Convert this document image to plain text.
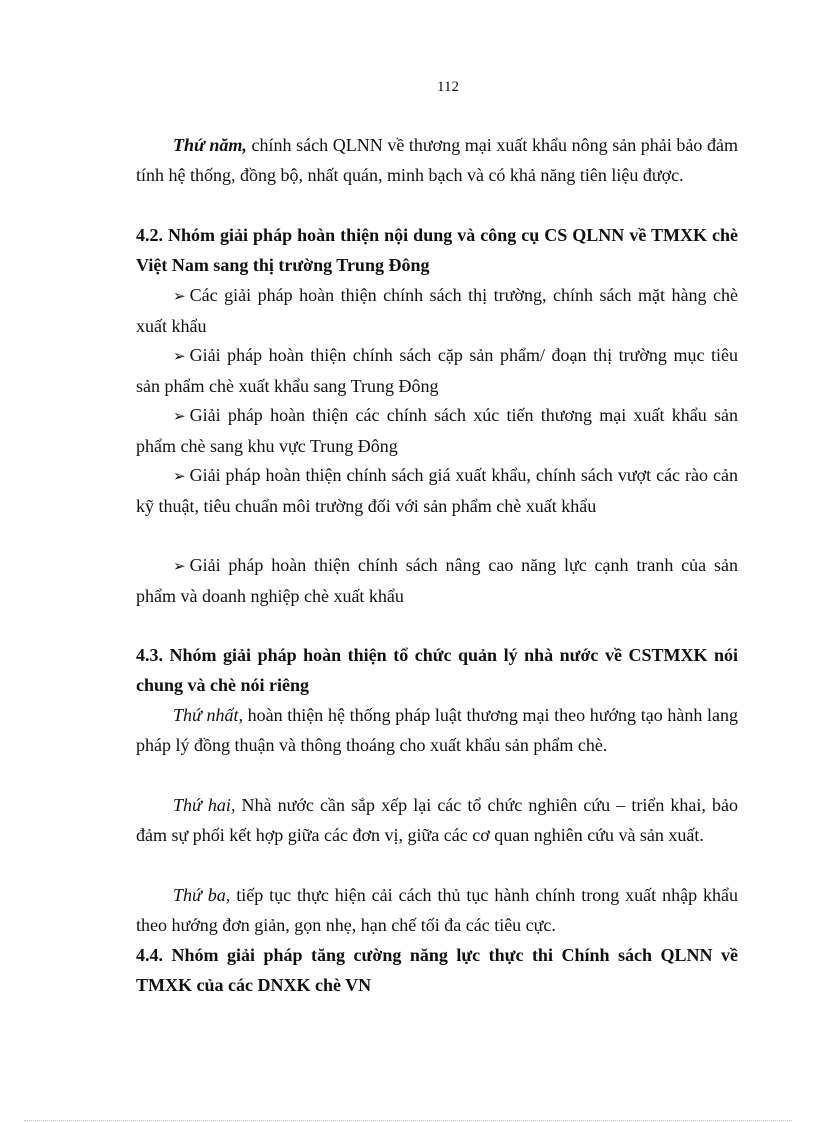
112

Thứ năm, chính sách QLNN về thương mại xuất khẩu nông sản phải bảo đảm tính hệ thống, đồng bộ, nhất quán, minh bạch và có khả năng tiên liệu được.

4.2. Nhóm giải pháp hoàn thiện nội dung và công cụ CS QLNN về TMXK chè Việt Nam sang thị trường Trung Đông

➢ Các giải pháp hoàn thiện chính sách thị trường, chính sách mặt hàng chè xuất khẩu

➢ Giải pháp hoàn thiện chính sách cặp sản phẩm/ đoạn thị trường mục tiêu sản phẩm chè xuất khẩu sang Trung Đông

➢ Giải pháp hoàn thiện các chính sách xúc tiến thương mại xuất khẩu sản phẩm chè sang khu vực Trung Đông

➢ Giải pháp hoàn thiện chính sách giá xuất khẩu, chính sách vượt các rào cản kỹ thuật, tiêu chuẩn môi trường đối với sản phẩm chè xuất khẩu

➢ Giải pháp hoàn thiện chính sách nâng cao năng lực cạnh tranh của sản phẩm và doanh nghiệp chè xuất khẩu

4.3. Nhóm giải pháp hoàn thiện tổ chức quản lý nhà nước về CSTMXK nói chung và chè nói riêng

Thứ nhất, hoàn thiện hệ thống pháp luật thương mại theo hướng tạo hành lang pháp lý đồng thuận và thông thoáng cho xuất khẩu sản phẩm chè.

Thứ hai, Nhà nước cần sắp xếp lại các tổ chức nghiên cứu – triển khai, bảo đảm sự phối kết hợp giữa các đơn vị, giữa các cơ quan nghiên cứu và sản xuất.

Thứ ba, tiếp tục thực hiện cải cách thủ tục hành chính trong xuất nhập khẩu theo hướng đơn giản, gọn nhẹ, hạn chế tối đa các tiêu cực.

4.4. Nhóm giải pháp tăng cường năng lực thực thi Chính sách QLNN về TMXK của các DNXK chè VN
